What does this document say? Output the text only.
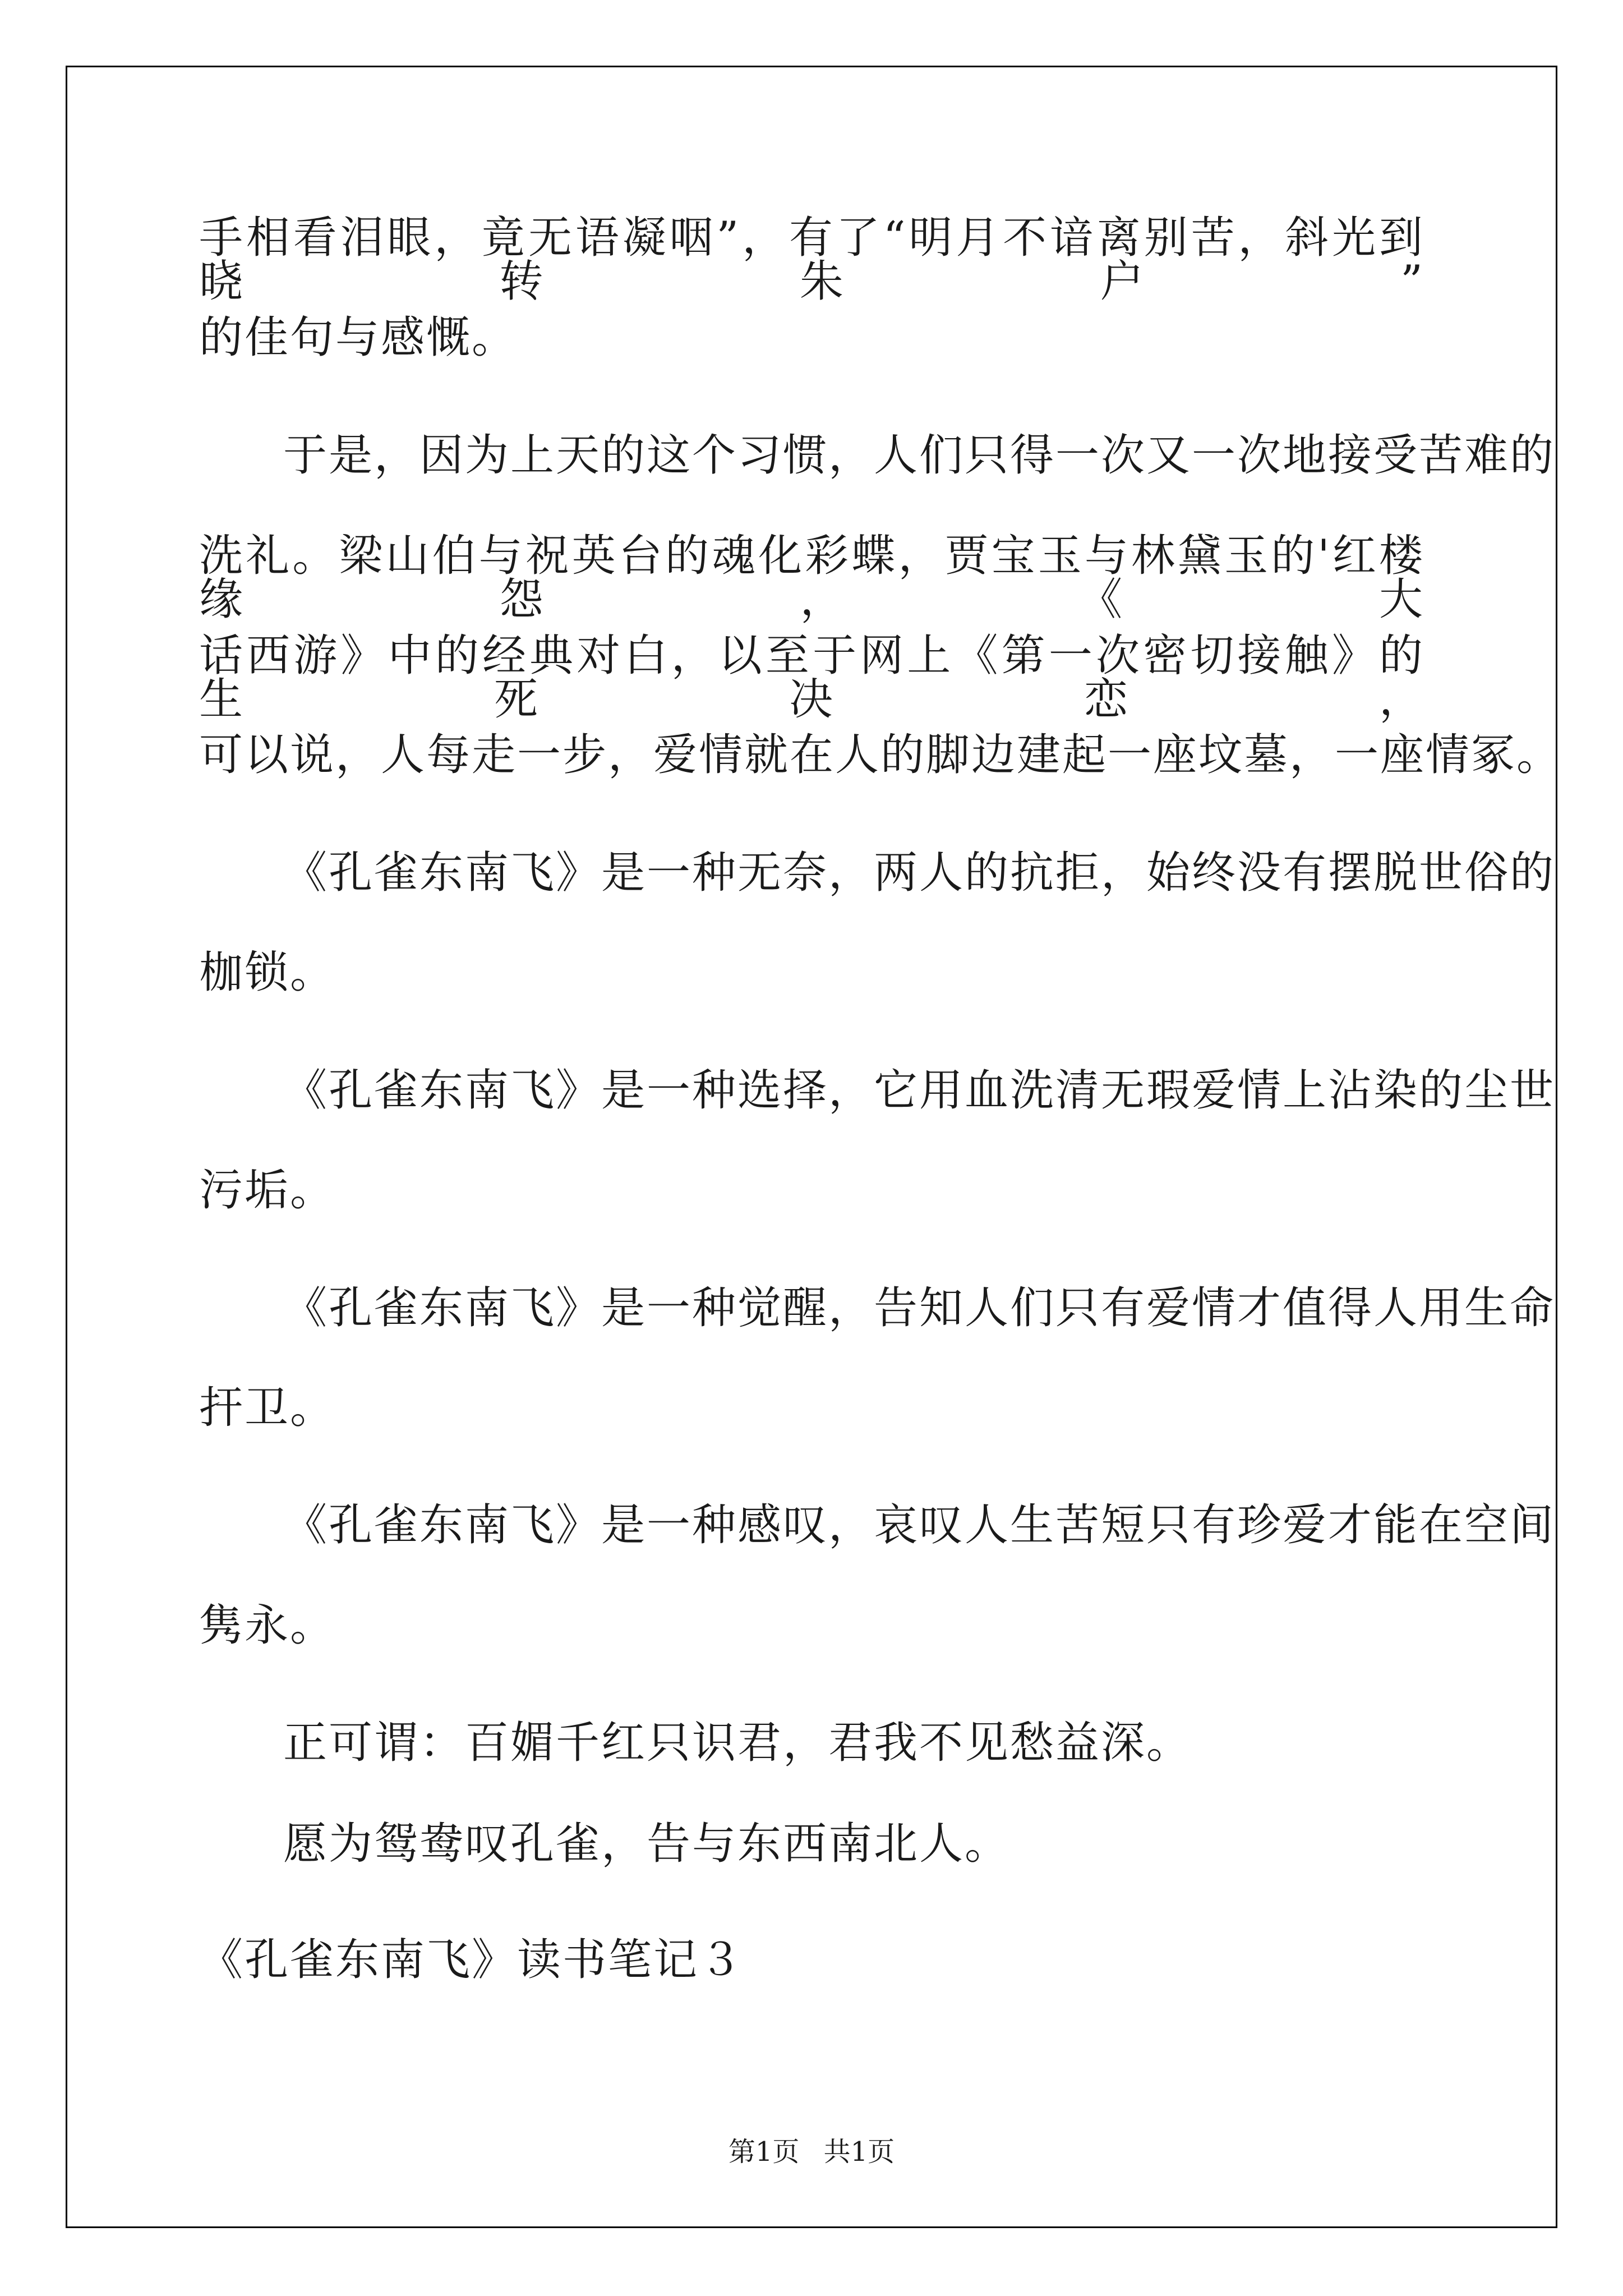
手相看泪眼，竟无语凝咽”，有了“明月不谙离别苦，斜光到晓转朱户”
的佳句与感慨。
于是，因为上天的这个习惯，人们只得一次又一次地接受苦难的
洗礼。梁山伯与祝英台的魂化彩蝶，贾宝玉与林黛玉的'红楼缘怨，《大
话西游》中的经典对白，以至于网上《第一次密切接触》的生死决恋，
可以说，人每走一步，爱情就在人的脚边建起一座坟墓，一座情冢。
《孔雀东南飞》是一种无奈，两人的抗拒，始终没有摆脱世俗的
枷锁。
《孔雀东南飞》是一种选择，它用血洗清无瑕爱情上沾染的尘世
污垢。
《孔雀东南飞》是一种觉醒，告知人们只有爱情才值得人用生命
扞卫。
《孔雀东南飞》是一种感叹，哀叹人生苦短只有珍爱才能在空间
隽永。
正可谓：百媚千红只识君，君我不见愁益深。
愿为鸳鸯叹孔雀，告与东西南北人。
《孔雀东南飞》读书笔记３
第1页 共1页
